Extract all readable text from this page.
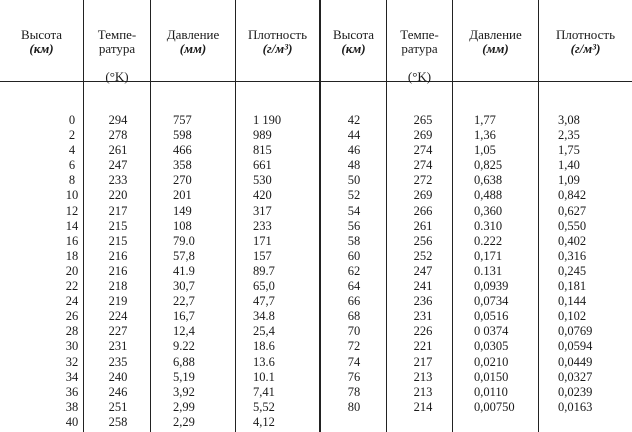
Высота
(км)

Темпе-
ратура

(°K)

Давление
(мм)
Плотность
(г/м³)
Высота
(км)

Темпе-
ратура

(°K)

Давление
(мм)
Плотность
(г/м³)
0
2
4
6
8
10
12
14
16
18
20
22
24
26
28
30
32
34
36
38
40
294
278
261
247
233
220
217
215
215
216
216
218
219
224
227
231
235
240
246
251
258
757
598
466
358
270
201
149
108
79.0
57,8
41.9
30,7
22,7
16,7
12,4
9.22
6,88
5,19
3,92
2,99
2,29
1 190
989
815
661
530
420
317
233
171
157
89.7
65,0
47,7
34.8
25,4
18.6
13.6
10.1
7,41
5,52
4,12
42
44
46
48
50
52
54
56
58
60
62
64
66
68
70
72
74
76
78
80
265
269
274
274
272
269
266
261
256
252
247
241
236
231
226
221
217
213
213
214
1,77
1,36
1,05
0,825
0,638
0,488
0,360
0.310
0.222
0,171
0.131
0,0939
0,0734
0,0516
0 0374
0,0305
0,0210
0,0150
0,0110
0,00750
3,08
2,35
1,75
1,40
1,09
0,842
0,627
0,550
0,402
0,316
0,245
0,181
0,144
0,102
0,0769
0,0594
0,0449
0,0327
0,0239
0,0163
